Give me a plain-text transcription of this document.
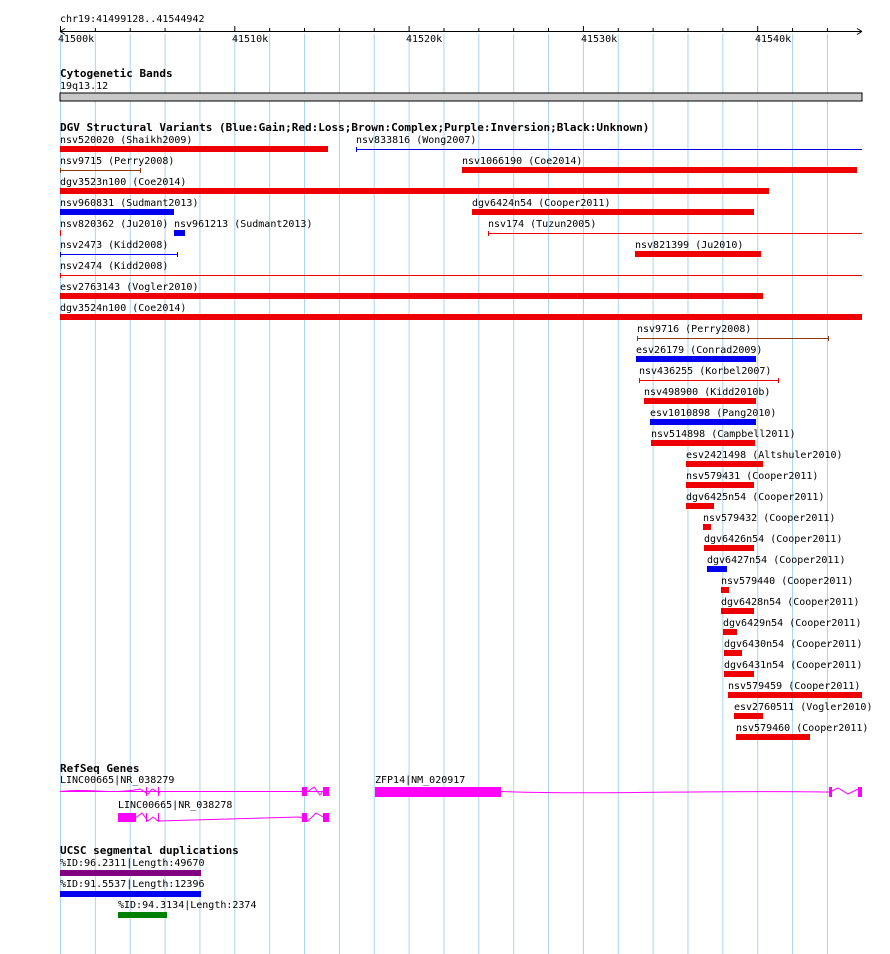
chr19:41499128..41544942
41500k	41510k	41520k	41530k	41540k
Cytogenetic Bands
19q13.12
DGV Structural Variants (Blue:Gain;Red:Loss;Brown:Complex;Purple:Inversion;Black:Unknown)
nsv520020 (Shaikh2009)	nsv833816 (Wong2007)
nsv9715 (Perry2008)	nsv1066190 (Coe2014)
dgv3523n100 (Coe2014)
nsv960831 (Sudmant2013)	dgv6424n54 (Cooper2011)
nsv820362 (Ju2010) nsv961213 (Sudmant2013)	nsv174 (Tuzun2005)
nsv2473 (Kidd2008)	nsv821399 (Ju2010)
nsv2474 (Kidd2008)
esv2763143 (Vogler2010)
dgv3524n100 (Coe2014)
nsv9716 (Perry2008)
esv26179 (Conrad2009)
nsv436255 (Korbel2007)
nsv498900 (Kidd2010b)
esv1010898 (Pang2010)
nsv514898 (Campbell2011)
esv2421498 (Altshuler2010)
nsv579431 (Cooper2011)
dgv6425n54 (Cooper2011)
nsv579432 (Cooper2011)
dgv6426n54 (Cooper2011)
dgv6427n54 (Cooper2011)
nsv579440 (Cooper2011)
dgv6428n54 (Cooper2011)
dgv6429n54 (Cooper2011)
dgv6430n54 (Cooper2011)
dgv6431n54 (Cooper2011)
nsv579459 (Cooper2011)
esv2760511 (Vogler2010)
nsv579460 (Cooper2011)
RefSeq Genes
LINC00665|NR_038279	ZFP14|NM_020917
LINC00665|NR_038278
UCSC segmental duplications
%ID:96.2311|Length:49670
%ID:91.5537|Length:12396
%ID:94.3134|Length:2374
